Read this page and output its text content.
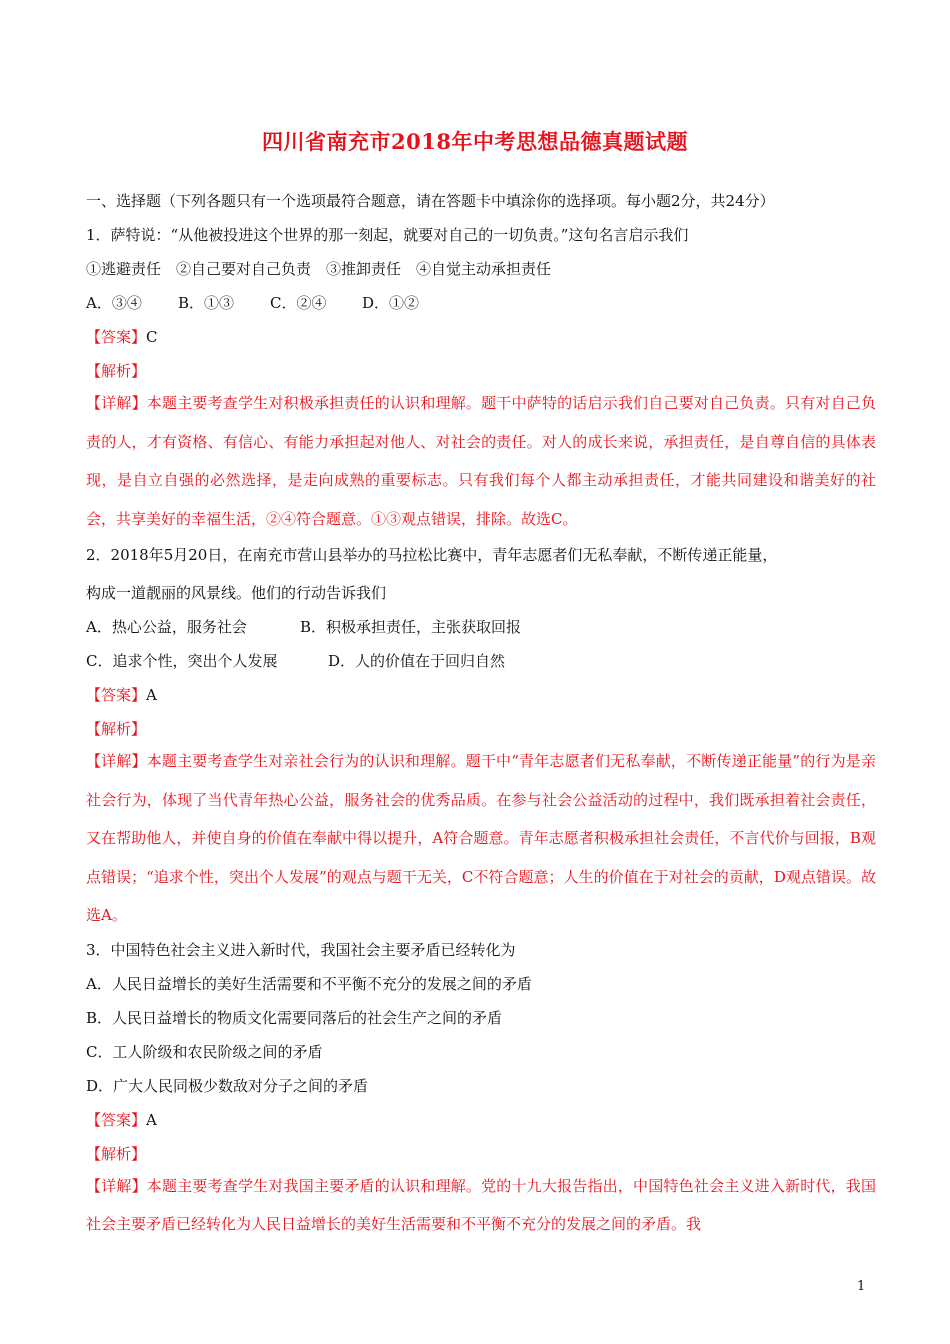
四川省南充市2018年中考思想品德真题试题
一、选择题（下列各题只有一个选项最符合题意，请在答题卡中填涂你的选择项。每小题2分，共24分）
1．萨特说：“从他被投进这个世界的那一刻起，就要对自己的一切负责。”这句名言启示我们
①逃避责任　②自己要对自己负责　③推卸责任　④自觉主动承担责任
A．③④ B．①③ C．②④ D．①②
【答案】C
【解析】
【详解】本题主要考查学生对积极承担责任的认识和理解。题干中萨特的话启示我们自己要对自己负责。只有对自己负责的人，才有资格、有信心、有能力承担起对他人、对社会的责任。对人的成长来说，承担责任，是自尊自信的具体表现，是自立自强的必然选择，是走向成熟的重要标志。只有我们每个人都主动承担责任，才能共同建设和谐美好的社会，共享美好的幸福生活，②④符合题意。①③观点错误，排除。故选C。
2．2018年5月20日，在南充市营山县举办的马拉松比赛中，青年志愿者们无私奉献，不断传递正能量，
构成一道靓丽的风景线。他们的行动告诉我们
A．热心公益，服务社会	B．积极承担责任，主张获取回报
C．追求个性，突出个人发展	D．人的价值在于回归自然
【答案】A
【解析】
【详解】本题主要考查学生对亲社会行为的认识和理解。题干中“青年志愿者们无私奉献，不断传递正能量”的行为是亲社会行为，体现了当代青年热心公益，服务社会的优秀品质。在参与社会公益活动的过程中，我们既承担着社会责任，又在帮助他人，并使自身的价值在奉献中得以提升，A符合题意。青年志愿者积极承担社会责任，不言代价与回报，B观点错误；“追求个性，突出个人发展”的观点与题干无关，C不符合题意；人生的价值在于对社会的贡献，D观点错误。故选A。
3．中国特色社会主义进入新时代，我国社会主要矛盾已经转化为
A．人民日益增长的美好生活需要和不平衡不充分的发展之间的矛盾
B．人民日益增长的物质文化需要同落后的社会生产之间的矛盾
C．工人阶级和农民阶级之间的矛盾
D．广大人民同极少数敌对分子之间的矛盾
【答案】A
【解析】
【详解】本题主要考查学生对我国主要矛盾的认识和理解。党的十九大报告指出，中国特色社会主义进入新时代，我国社会主要矛盾已经转化为人民日益增长的美好生活需要和不平衡不充分的发展之间的矛盾。我
1
